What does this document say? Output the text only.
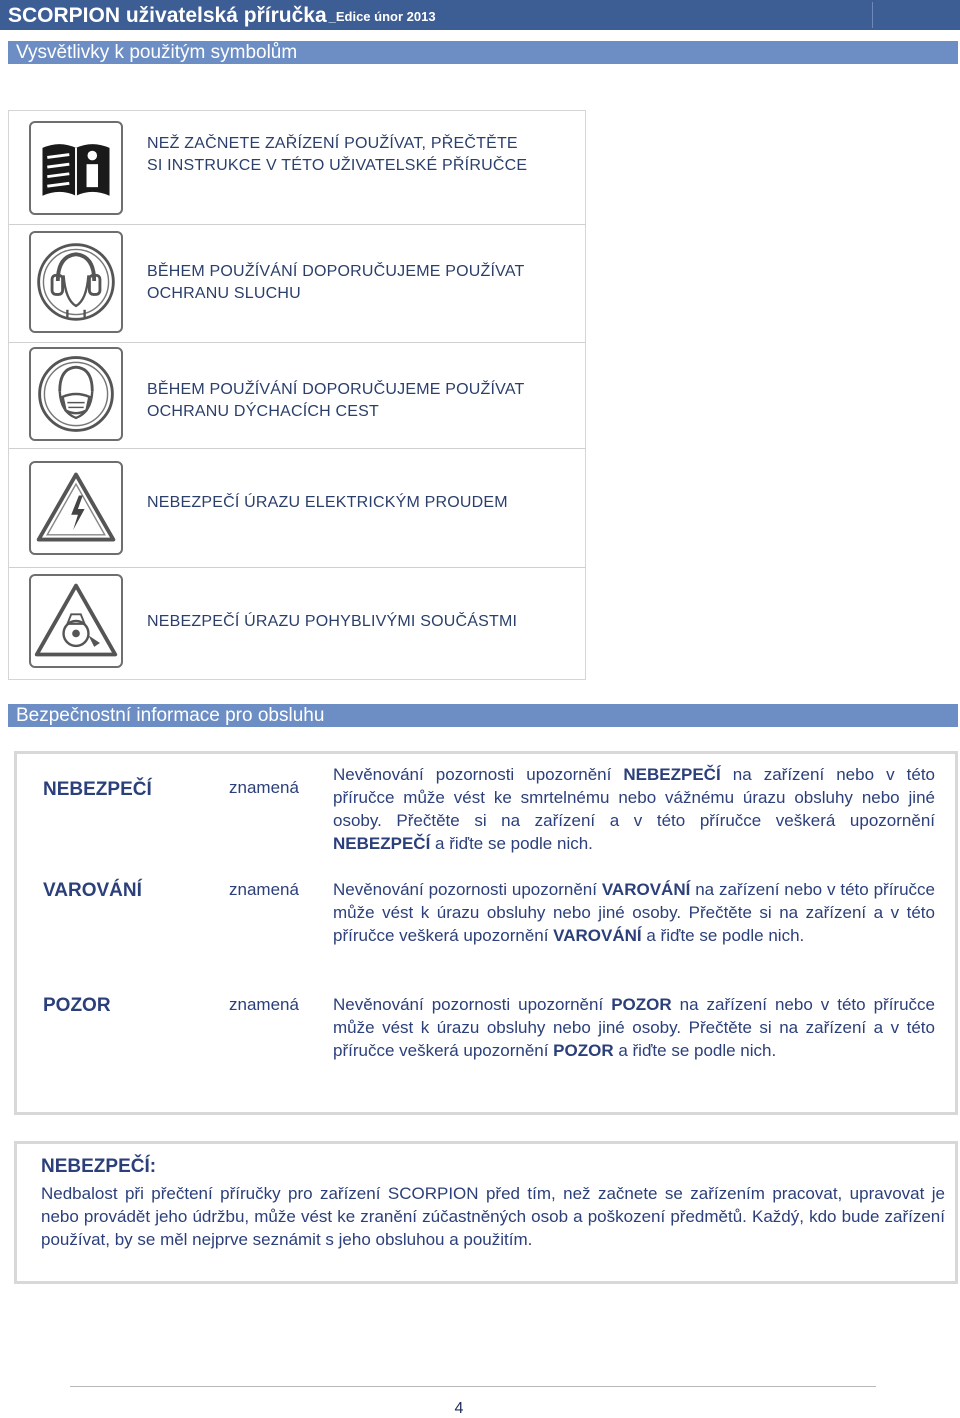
SCORPION uživatelská příručka _Edice únor 2013
Vysvětlivky k použitým symbolům
NEŽ ZAČNETE ZAŘÍZENÍ POUŽÍVAT, PŘEČTĚTE
SI INSTRUKCE V TÉTO UŽIVATELSKÉ PŘÍRUČCE
BĚHEM POUŽÍVÁNÍ DOPORUČUJEME POUŽÍVAT
OCHRANU SLUCHU
BĚHEM POUŽÍVÁNÍ DOPORUČUJEME POUŽÍVAT
OCHRANU DÝCHACÍCH CEST
NEBEZPEČÍ ÚRAZU ELEKTRICKÝM PROUDEM
NEBEZPEČÍ ÚRAZU POHYBLIVÝMI SOUČÁSTMI
Bezpečnostní informace pro obsluhu
NEBEZPEČÍ	znamená
Nevěnování pozornosti upozornění NEBEZPEČÍ na zařízení nebo v této příručce může vést ke smrtelnému nebo vážnému úrazu obsluhy nebo jiné osoby. Přečtěte si na zařízení a v této příručce veškerá upozornění NEBEZPEČÍ a řiďte se podle nich.
VAROVÁNÍ	znamená Nevěnování pozornosti upozornění VAROVÁNÍ na zařízení nebo v této příručce může vést k úrazu obsluhy nebo jiné osoby. Přečtěte si na zařízení a v této příručce veškerá upozornění VAROVÁNÍ a řiďte se podle nich.
POZOR	znamená Nevěnování pozornosti upozornění POZOR na zařízení nebo v této příručce může vést k úrazu obsluhy nebo jiné osoby. Přečtěte si na zařízení a v této příručce veškerá upozornění POZOR a řiďte se podle nich.
NEBEZPEČÍ:
Nedbalost při přečtení příručky pro zařízení SCORPION před tím, než začnete se zařízením pracovat, upravovat je nebo provádět jeho údržbu, může vést ke zranění zúčastněných osob a poškození předmětů. Každý, kdo bude zařízení používat, by se měl nejprve seznámit s jeho obsluhou a použitím.
4
